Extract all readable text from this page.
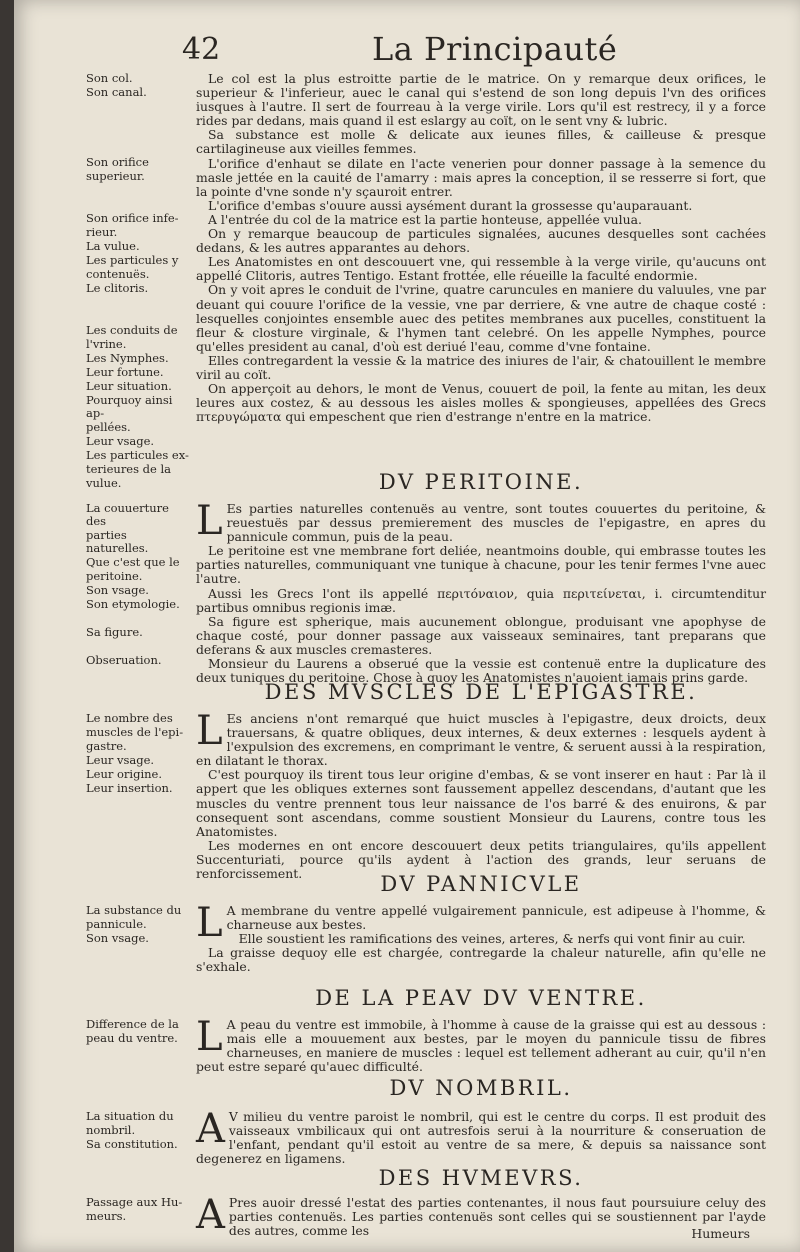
42	La Principauté
Son col.
Son canal.

Son orifice
superieur.

Son orifice infe-
rieur.
La vulue.
Les particules y
contenuës.
Le clitoris.

Les conduits de
l'vrine.
Les Nymphes.
Leur fortune.
Leur situation.
Pourquoy ainsi ap-
pellées.
Leur vsage.
Les particules ex-
terieures de la
vulue.

Le col est la plus estroitte partie de le matrice. On y remarque deux orifices, le superieur & l'inferieur, auec le canal qui s'estend de son long depuis l'vn des orifices iusques à l'autre. Il sert de fourreau à la verge virile. Lors qu'il est restrecy, il y a force rides par dedans, mais quand il est eslargy au coït, on le sent vny & lubric.

Sa substance est molle & delicate aux ieunes filles, & cailleuse & presque cartilagineuse aux vieilles femmes.

L'orifice d'enhaut se dilate en l'acte venerien pour donner passage à la semence du masle jettée en la cauité de l'amarry : mais apres la conception, il se resserre si fort, que la pointe d'vne sonde n'y sçauroit entrer.

L'orifice d'embas s'ouure aussi aysément durant la grossesse qu'auparauant.

A l'entrée du col de la matrice est la partie honteuse, appellée vulua.

On y remarque beaucoup de particules signalées, aucunes desquelles sont cachées dedans, & les autres apparantes au dehors.

Les Anatomistes en ont descouuert vne, qui ressemble à la verge virile, qu'aucuns ont appellé Clitoris, autres Tentigo. Estant frottée, elle réueille la faculté endormie.

On y voit apres le conduit de l'vrine, quatre caruncules en maniere du valuules, vne par deuant qui couure l'orifice de la vessie, vne par derriere, & vne autre de chaque costé : lesquelles conjointes ensemble auec des petites membranes aux pucelles, constituent la fleur & closture virginale, & l'hymen tant celebré. On les appelle Nymphes, pource qu'elles president au canal, d'où est deriué l'eau, comme d'vne fontaine.

Elles contregardent la vessie & la matrice des iniures de l'air, & chatouillent le membre viril au coït.

On apperçoit au dehors, le mont de Venus, couuert de poil, la fente au mitan, les deux leures aux costez, & au dessous les aisles molles & spongieuses, appellées des Grecs πτερυγώματα qui empeschent que rien d'estrange n'entre en la matrice.

DV PERITOINE.
La couuerture des
parties naturelles.
Que c'est que le
peritoine.
Son vsage.
Son etymologie.

Sa figure.

Obseruation.

L Es parties naturelles contenuës au ventre, sont toutes couuertes du peritoine, & reuestuës par dessus premierement des muscles de l'epigastre, en apres du pannicule commun, puis de la peau.

Le peritoine est vne membrane fort deliée, neantmoins double, qui embrasse toutes les parties naturelles, communiquant vne tunique à chacune, pour les tenir fermes l'vne auec l'autre.

Aussi les Grecs l'ont ils appellé περιτόναιον, quia περιτείνεται, i. circumtenditur partibus omnibus regionis imæ.

Sa figure est spherique, mais aucunement oblongue, produisant vne apophyse de chaque costé, pour donner passage aux vaisseaux seminaires, tant preparans que deferans & aux muscles cremasteres.

Monsieur du Laurens a obserué que la vessie est contenuë entre la duplicature des deux tuniques du peritoine. Chose à quoy les Anatomistes n'auoient iamais prins garde.

DES MVSCLES DE L'EPIGASTRE.
Le nombre des
muscles de l'epi-
gastre.
Leur vsage.
Leur origine.
Leur insertion.

L Es anciens n'ont remarqué que huict muscles à l'epigastre, deux droicts, deux trauersans, & quatre obliques, deux internes, & deux externes : lesquels aydent à l'expulsion des excremens, en comprimant le ventre, & seruent aussi à la respiration, en dilatant le thorax.

C'est pourquoy ils tirent tous leur origine d'embas, & se vont inserer en haut : Par là il appert que les obliques externes sont faussement appellez descendans, d'autant que les muscles du ventre prennent tous leur naissance de l'os barré & des enuirons, & par consequent sont ascendans, comme soustient Monsieur du Laurens, contre tous les Anatomistes.

Les modernes en ont encore descouuert deux petits triangulaires, qu'ils appellent Succenturiati, pource qu'ils aydent à l'action des grands, leur seruans de renforcissement.	DV PANNICVLE
La substance du
pannicule.
Son vsage.	L A membrane du ventre appellé vulgairement pannicule, est adipeuse à l'homme, & charneuse aux bestes.

Elle soustient les ramifications des veines, arteres, & nerfs qui vont finir au cuir.

La graisse dequoy elle est chargée, contregarde la chaleur naturelle, afin qu'elle ne s'exhale.

DE LA PEAV DV VENTRE.
Difference de la
peau du ventre. L A peau du ventre est immobile, à l'homme à cause de la graisse qui est au dessous : mais elle a mouuement aux bestes, par le moyen du pannicule tissu de fibres charneuses, en maniere de muscles : lequel est tellement adherant au cuir, qu'il n'en peut estre separé qu'auec difficulté.

DV NOMBRIL.
La situation du
nombril.
Sa constitution. A V milieu du ventre paroist le nombril, qui est le centre du corps. Il est produit des vaisseaux vmbilicaux qui ont autresfois serui à la nourriture & conseruation de l'enfant, pendant qu'il estoit au ventre de sa mere, & depuis sa naissance sont degenerez en ligamens.

DES HVMEVRS.
Passage aux Hu-
meurs.	A Pres auoir dressé l'estat des parties contenantes, il nous faut poursuiure celuy des parties contenuës. Les parties contenuës sont celles qui se soustiennent par l'ayde des autres, comme les	Humeurs
